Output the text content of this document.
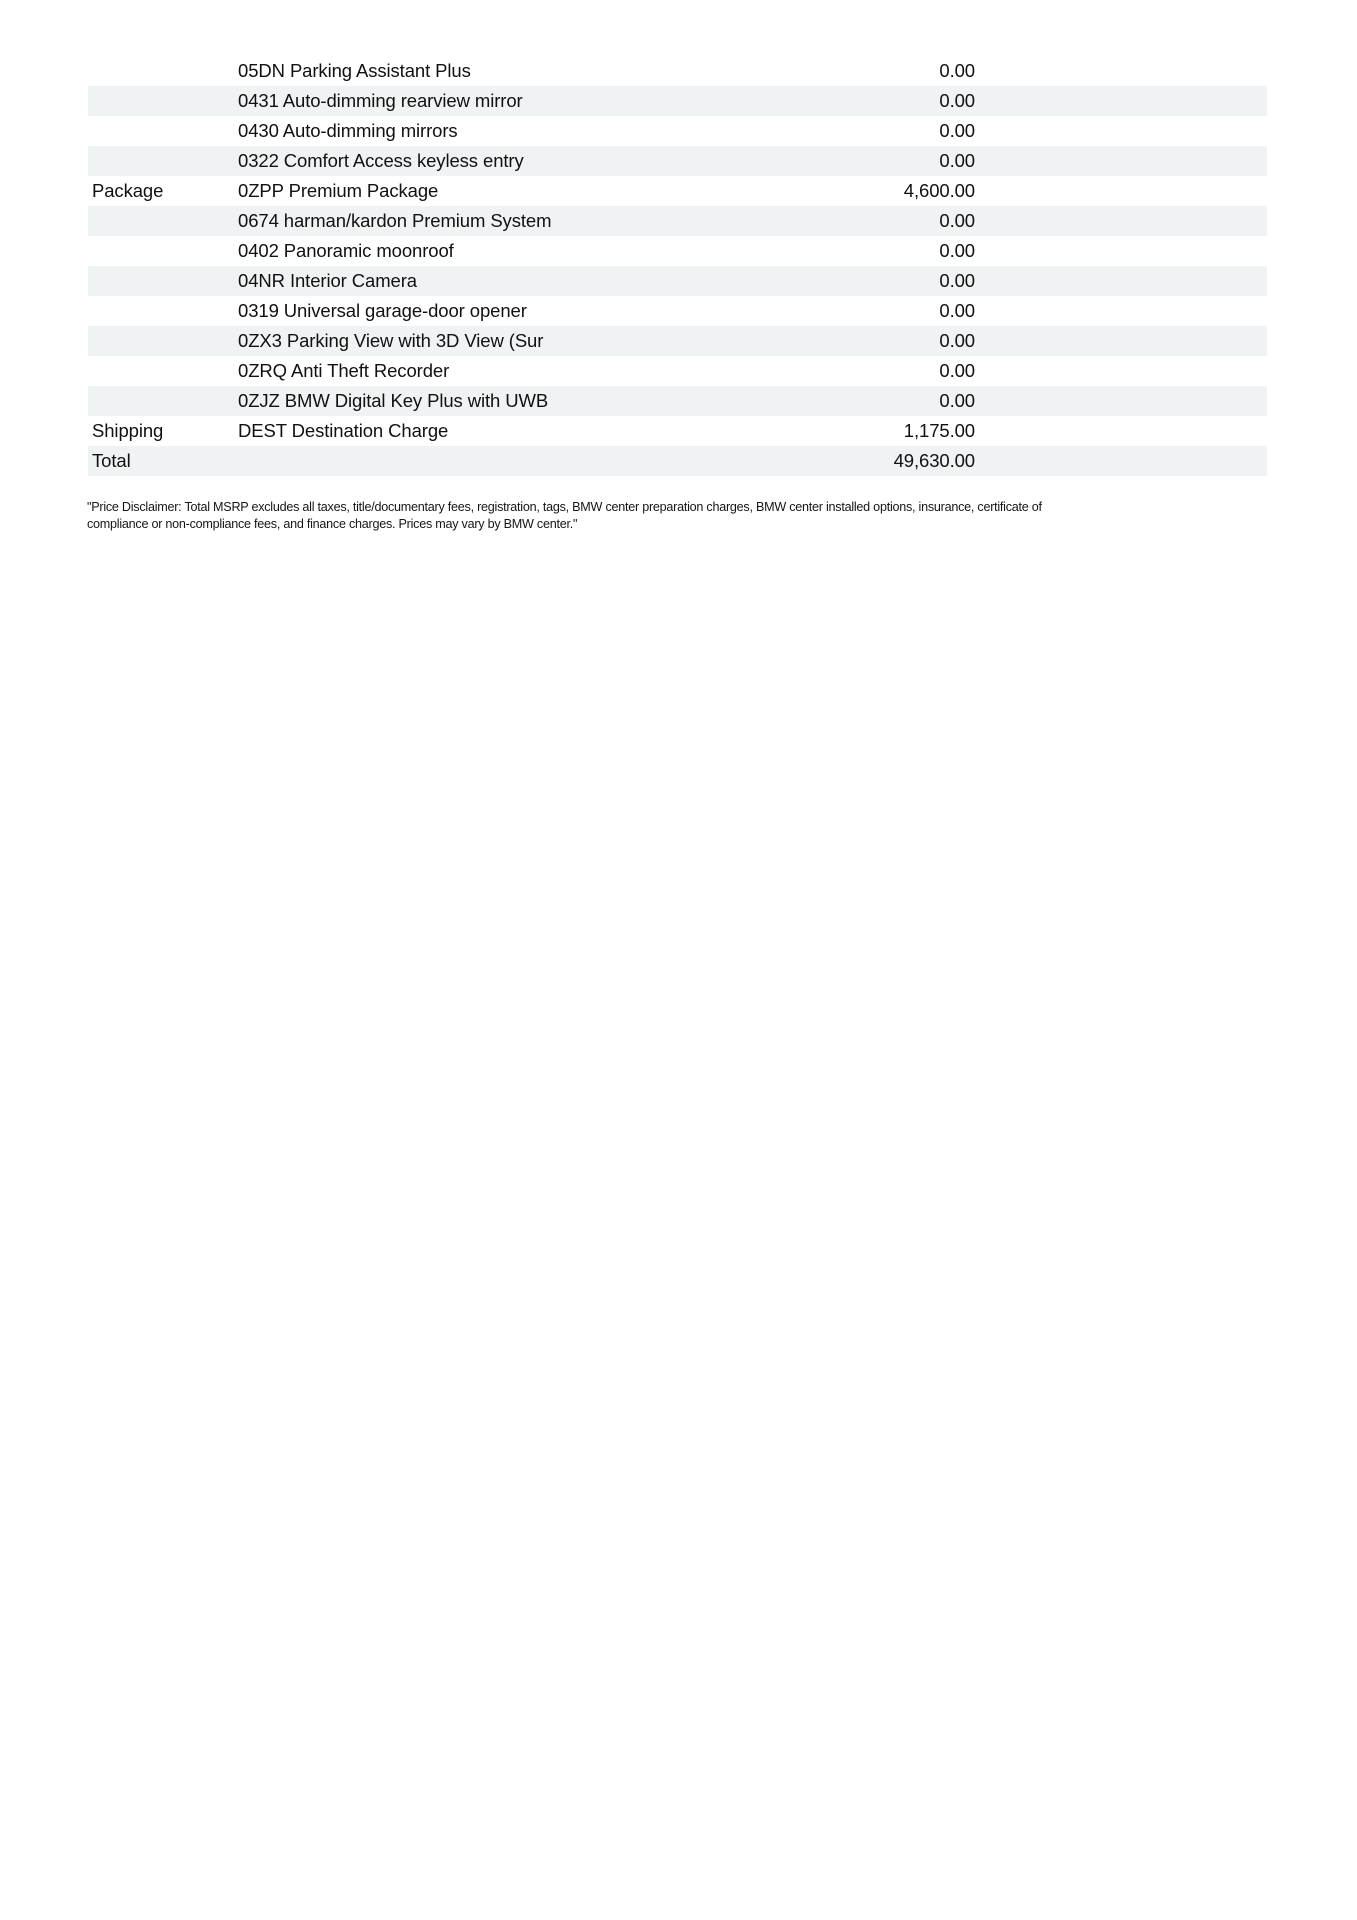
05DN Parking Assistant Plus	0.00
0431 Auto-dimming rearview mirror	0.00
0430 Auto-dimming mirrors	0.00
0322 Comfort Access keyless entry	0.00
Package	0ZPP Premium Package	4,600.00
0674 harman/kardon Premium System	0.00
0402 Panoramic moonroof	0.00
04NR Interior Camera	0.00
0319 Universal garage-door opener	0.00
0ZX3 Parking View with 3D View (Sur	0.00
0ZRQ Anti Theft Recorder	0.00
0ZJZ BMW Digital Key Plus with UWB	0.00
Shipping	DEST Destination Charge	1,175.00
Total	49,630.00
"Price Disclaimer: Total MSRP excludes all taxes, title/documentary fees, registration, tags, BMW center preparation charges, BMW center installed options, insurance, certificate of
compliance or non-compliance fees, and finance charges. Prices may vary by BMW center."
